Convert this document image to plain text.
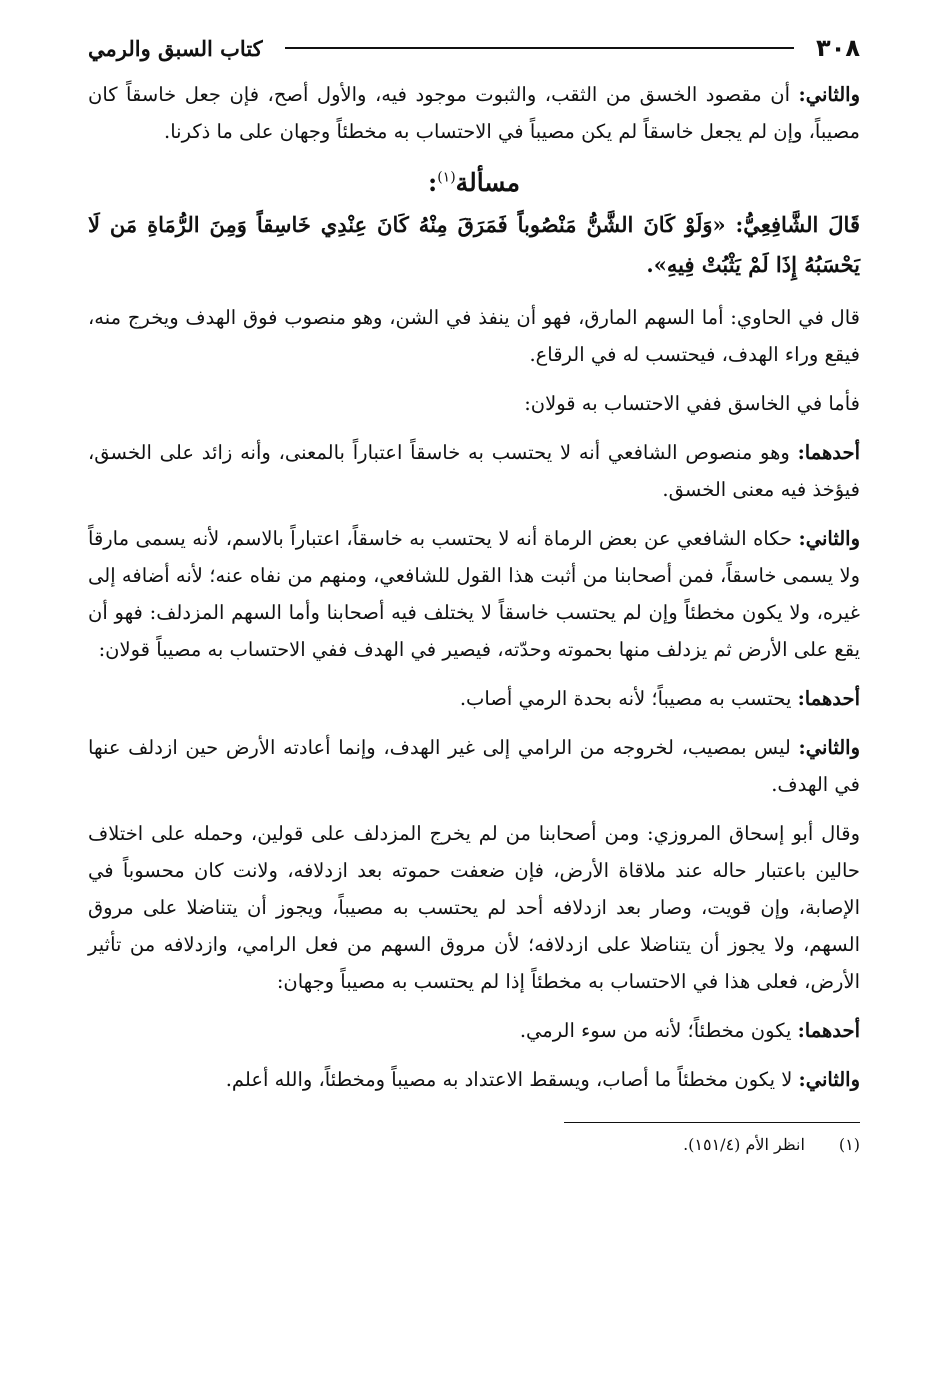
٣٠٨
كتاب السبق والرمي

والثاني: أن مقصود الخسق من الثقب، والثبوت موجود فيه، والأول أصح، فإن جعل خاسقاً كان مصيباً، وإن لم يجعل خاسقاً لم يكن مصيباً في الاحتساب به مخطئاً وجهان على ما ذكرنا.

مسألة$^{(١)}$:

قَالَ الشَّافِعِيُّ: «وَلَوْ كَانَ الشَّنُّ مَنْصُوباً فَمَرَقَ مِنْهُ كَانَ عِنْدِي خَاسِقاً وَمِنَ الرُّمَاةِ مَن لَا يَحْسَبُهُ إِذَا لَمْ يَثْبُتْ فِيهِ».

قال في الحاوي: أما السهم المارق، فهو أن ينفذ في الشن، وهو منصوب فوق الهدف ويخرج منه، فيقع وراء الهدف، فيحتسب له في الرقاع.

فأما في الخاسق ففي الاحتساب به قولان:

أحدهما: وهو منصوص الشافعي أنه لا يحتسب به خاسقاً اعتباراً بالمعنى، وأنه زائد على الخسق، فيؤخذ فيه معنى الخسق.

والثاني: حكاه الشافعي عن بعض الرماة أنه لا يحتسب به خاسقاً، اعتباراً بالاسم، لأنه يسمى مارقاً ولا يسمى خاسقاً، فمن أصحابنا من أثبت هذا القول للشافعي، ومنهم من نفاه عنه؛ لأنه أضافه إلى غيره، ولا يكون مخطئاً وإن لم يحتسب خاسقاً لا يختلف فيه أصحابنا وأما السهم المزدلف: فهو أن يقع على الأرض ثم يزدلف منها بحموته وحدّته، فيصير في الهدف ففي الاحتساب به مصيباً قولان:

أحدهما: يحتسب به مصيباً؛ لأنه بحدة الرمي أصاب.

والثاني: ليس بمصيب، لخروجه من الرامي إلى غير الهدف، وإنما أعادته الأرض حين ازدلف عنها في الهدف.

وقال أبو إسحاق المروزي: ومن أصحابنا من لم يخرج المزدلف على قولين، وحمله على اختلاف حالين باعتبار حاله عند ملاقاة الأرض، فإن ضعفت حموته بعد ازدلافه، ولانت كان محسوباً في الإصابة، وإن قويت، وصار بعد ازدلافه أحد لم يحتسب به مصيباً، ويجوز أن يتناضلا على مروق السهم، ولا يجوز أن يتناضلا على ازدلافه؛ لأن مروق السهم من فعل الرامي، وازدلافه من تأثير الأرض، فعلى هذا في الاحتساب به مخطئاً إذا لم يحتسب به مصيباً وجهان:

أحدهما: يكون مخطئاً؛ لأنه من سوء الرمي.

والثاني: لا يكون مخطئاً ما أصاب، ويسقط الاعتداد به مصيباً ومخطئاً، والله أعلم.

(١)
انظر الأم (١٥١/٤).
